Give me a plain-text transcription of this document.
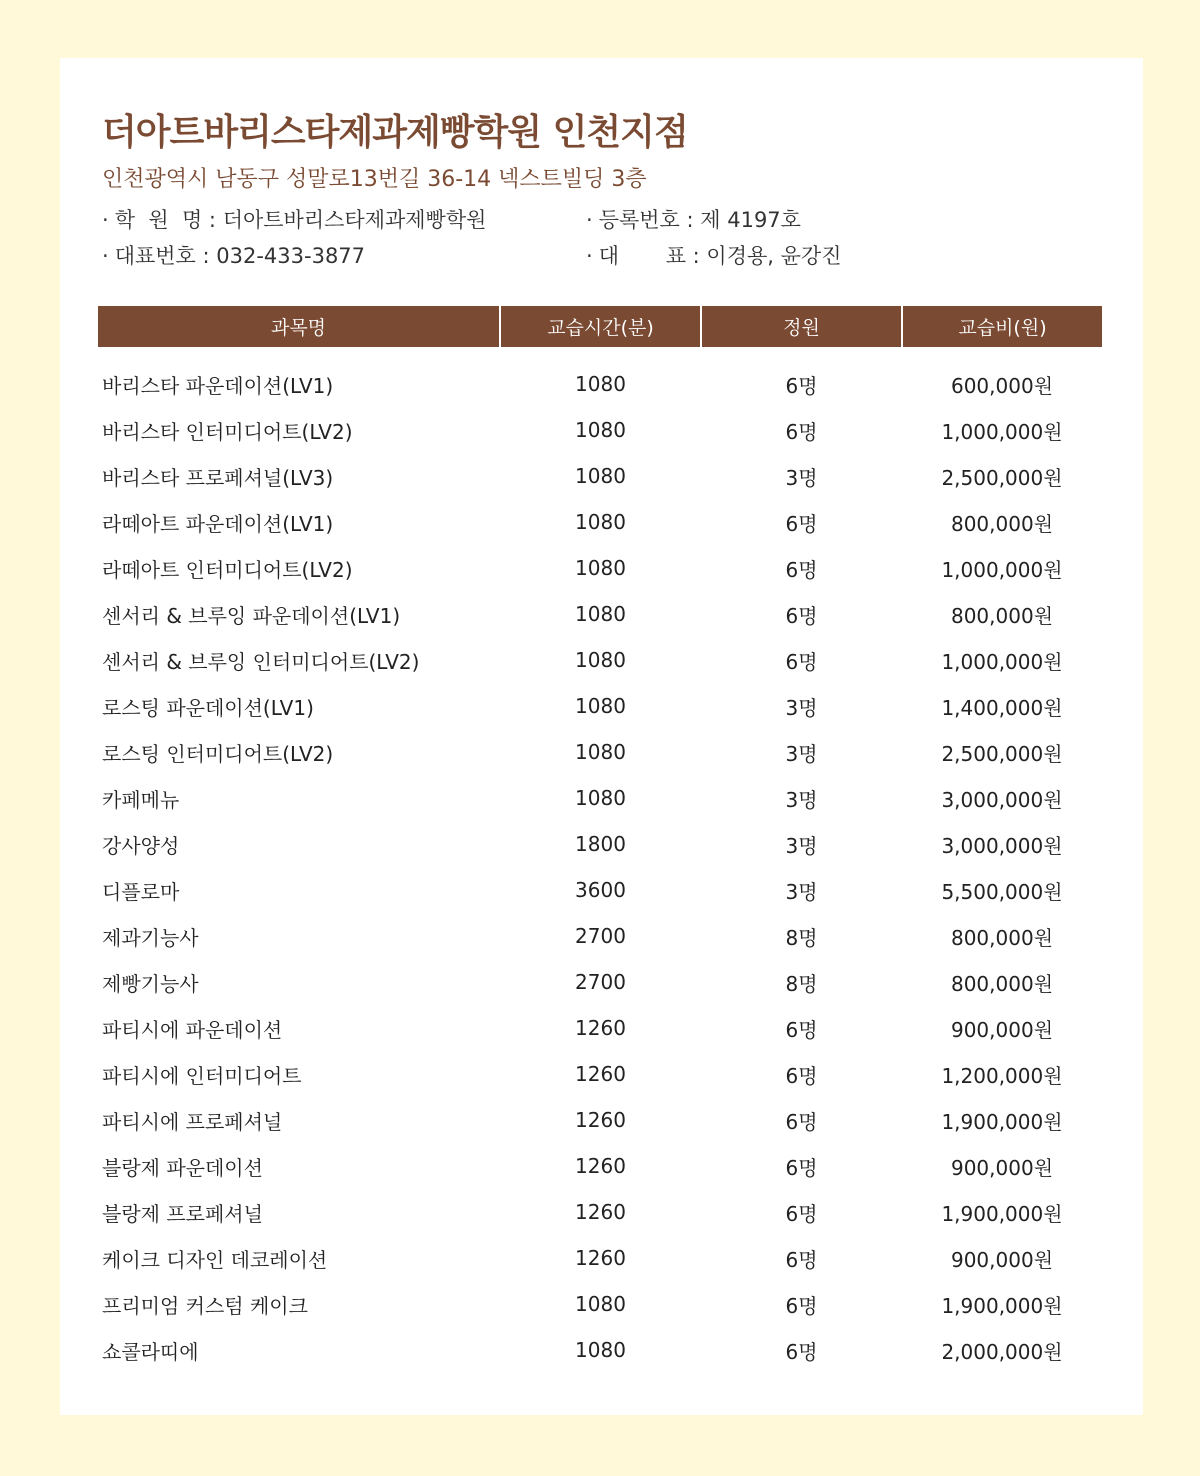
더아트바리스타제과제빵학원 인천지점
인천광역시 남동구 성말로13번길 36-14 넥스트빌딩 3층
· 학  원  명 : 더아트바리스타제과제빵학원	· 등록번호 : 제 4197호
· 대표번호 : 032-433-3877	· 대       표 : 이경용, 윤강진
과목명	교습시간(분)	정원	교습비(원)

바리스타 파운데이션(LV1)	1080	6명	600,000원
바리스타 인터미디어트(LV2)	1080	6명	1,000,000원
바리스타 프로페셔널(LV3)	1080	3명	2,500,000원
라떼아트 파운데이션(LV1)	1080	6명	800,000원
라떼아트 인터미디어트(LV2)	1080	6명	1,000,000원
센서리 & 브루잉 파운데이션(LV1)	1080	6명	800,000원
센서리 & 브루잉 인터미디어트(LV2)	1080	6명	1,000,000원
로스팅 파운데이션(LV1)	1080	3명	1,400,000원
로스팅 인터미디어트(LV2)	1080	3명	2,500,000원
카페메뉴	1080	3명	3,000,000원
강사양성	1800	3명	3,000,000원
디플로마	3600	3명	5,500,000원
제과기능사	2700	8명	800,000원
제빵기능사	2700	8명	800,000원
파티시에 파운데이션	1260	6명	900,000원
파티시에 인터미디어트	1260	6명	1,200,000원
파티시에 프로페셔널	1260	6명	1,900,000원
블랑제 파운데이션	1260	6명	900,000원
블랑제 프로페셔널	1260	6명	1,900,000원
케이크 디자인 데코레이션	1260	6명	900,000원
프리미엄 커스텀 케이크	1080	6명	1,900,000원
쇼콜라띠에	1080	6명	2,000,000원
